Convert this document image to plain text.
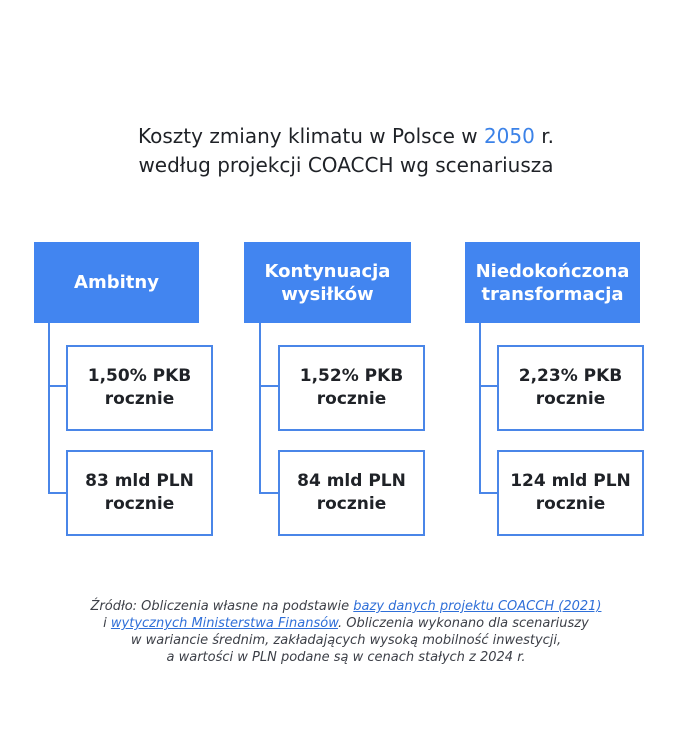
Koszty zmiany klimatu w Polsce w 2050 r.
według projekcji COACCH wg scenariusza
Ambitny
1,50% PKB
rocznie
83 mld PLN
rocznie
Kontynuacja
wysiłków
1,52% PKB
rocznie
84 mld PLN
rocznie
Niedokończona
transformacja
2,23% PKB
rocznie
124 mld PLN
rocznie
Źródło: Obliczenia własne na podstawie bazy danych projektu COACCH (2021)
i wytycznych Ministerstwa Finansów. Obliczenia wykonano dla scenariuszy
w wariancie średnim, zakładających wysoką mobilność inwestycji,
a wartości w PLN podane są w cenach stałych z 2024 r.
